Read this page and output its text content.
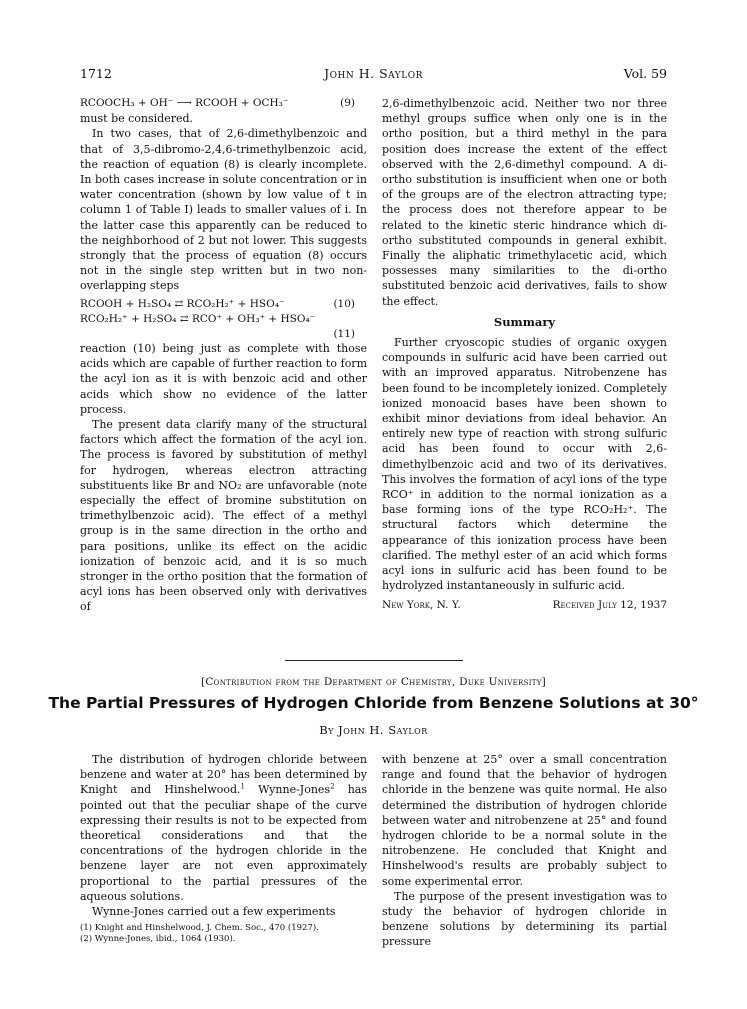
1712	John H. Saylor	Vol. 59
RCOOCH₃ + OH⁻ ⟶ RCOOH + OCH₃⁻	(9)

must be considered.

In two cases, that of 2,6-dimethylbenzoic and that of 3,5-dibromo-2,4,6-trimethylbenzoic acid, the reaction of equation (8) is clearly incomplete. In both cases increase in solute concentration or in water concentration (shown by low value of t in column 1 of Table I) leads to smaller values of i. In the latter case this apparently can be reduced to the neighborhood of 2 but not lower. This suggests strongly that the process of equation (8) occurs not in the single step written but in two non-overlapping steps

RCOOH + H₂SO₄ ⇄ RCO₂H₂⁺ + HSO₄⁻	(10)
RCO₂H₂⁺ + H₂SO₄ ⇄ RCO⁺ + OH₃⁺ + HSO₄⁻
(11)

reaction (10) being just as complete with those acids which are capable of further reaction to form the acyl ion as it is with benzoic acid and other acids which show no evidence of the latter process.

The present data clarify many of the structural factors which affect the formation of the acyl ion. The process is favored by substitution of methyl for hydrogen, whereas electron attracting substituents like Br and NO₂ are unfavorable (note especially the effect of bromine substitution on trimethylbenzoic acid). The effect of a methyl group is in the same direction in the ortho and para positions, unlike its effect on the acidic ionization of benzoic acid, and it is so much stronger in the ortho position that the formation of acyl ions has been observed only with derivatives of

2,6-dimethylbenzoic acid. Neither two nor three methyl groups suffice when only one is in the ortho position, but a third methyl in the para position does increase the extent of the effect observed with the 2,6-dimethyl compound. A di-ortho substitution is insufficient when one or both of the groups are of the electron attracting type; the process does not therefore appear to be related to the kinetic steric hindrance which di-ortho substituted compounds in general exhibit. Finally the aliphatic trimethylacetic acid, which possesses many similarities to the di-ortho substituted benzoic acid derivatives, fails to show the effect.

Summary

Further cryoscopic studies of organic oxygen compounds in sulfuric acid have been carried out with an improved apparatus. Nitrobenzene has been found to be incompletely ionized. Completely ionized monoacid bases have been shown to exhibit minor deviations from ideal behavior. An entirely new type of reaction with strong sulfuric acid has been found to occur with 2,6-dimethylbenzoic acid and two of its derivatives. This involves the formation of acyl ions of the type RCO⁺ in addition to the normal ionization as a base forming ions of the type RCO₂H₂⁺. The structural factors which determine the appearance of this ionization process have been clarified. The methyl ester of an acid which forms acyl ions in sulfuric acid has been found to be hydrolyzed instantaneously in sulfuric acid.

New York, N. Y.	Received July 12, 1937
[Contribution from the Department of Chemistry, Duke University]
The Partial Pressures of Hydrogen Chloride from Benzene Solutions at 30°
By John H. Saylor

The distribution of hydrogen chloride between benzene and water at 20° has been determined by Knight and Hinshelwood.$^1$ Wynne-Jones$^2$ has pointed out that the peculiar shape of the curve expressing their results is not to be expected from theoretical considerations and that the concentrations of the hydrogen chloride in the benzene layer are not even approximately proportional to the partial pressures of the aqueous solutions.

Wynne-Jones carried out a few experiments

(1) Knight and Hinshelwood, J. Chem. Soc., 470 (1927).
(2) Wynne-Jones, ibid., 1064 (1930).

with benzene at 25° over a small concentration range and found that the behavior of hydrogen chloride in the benzene was quite normal. He also determined the distribution of hydrogen chloride between water and nitrobenzene at 25° and found hydrogen chloride to be a normal solute in the nitrobenzene. He concluded that Knight and Hinshelwood's results are probably subject to some experimental error.

The purpose of the present investigation was to study the behavior of hydrogen chloride in benzene solutions by determining its partial pressure
